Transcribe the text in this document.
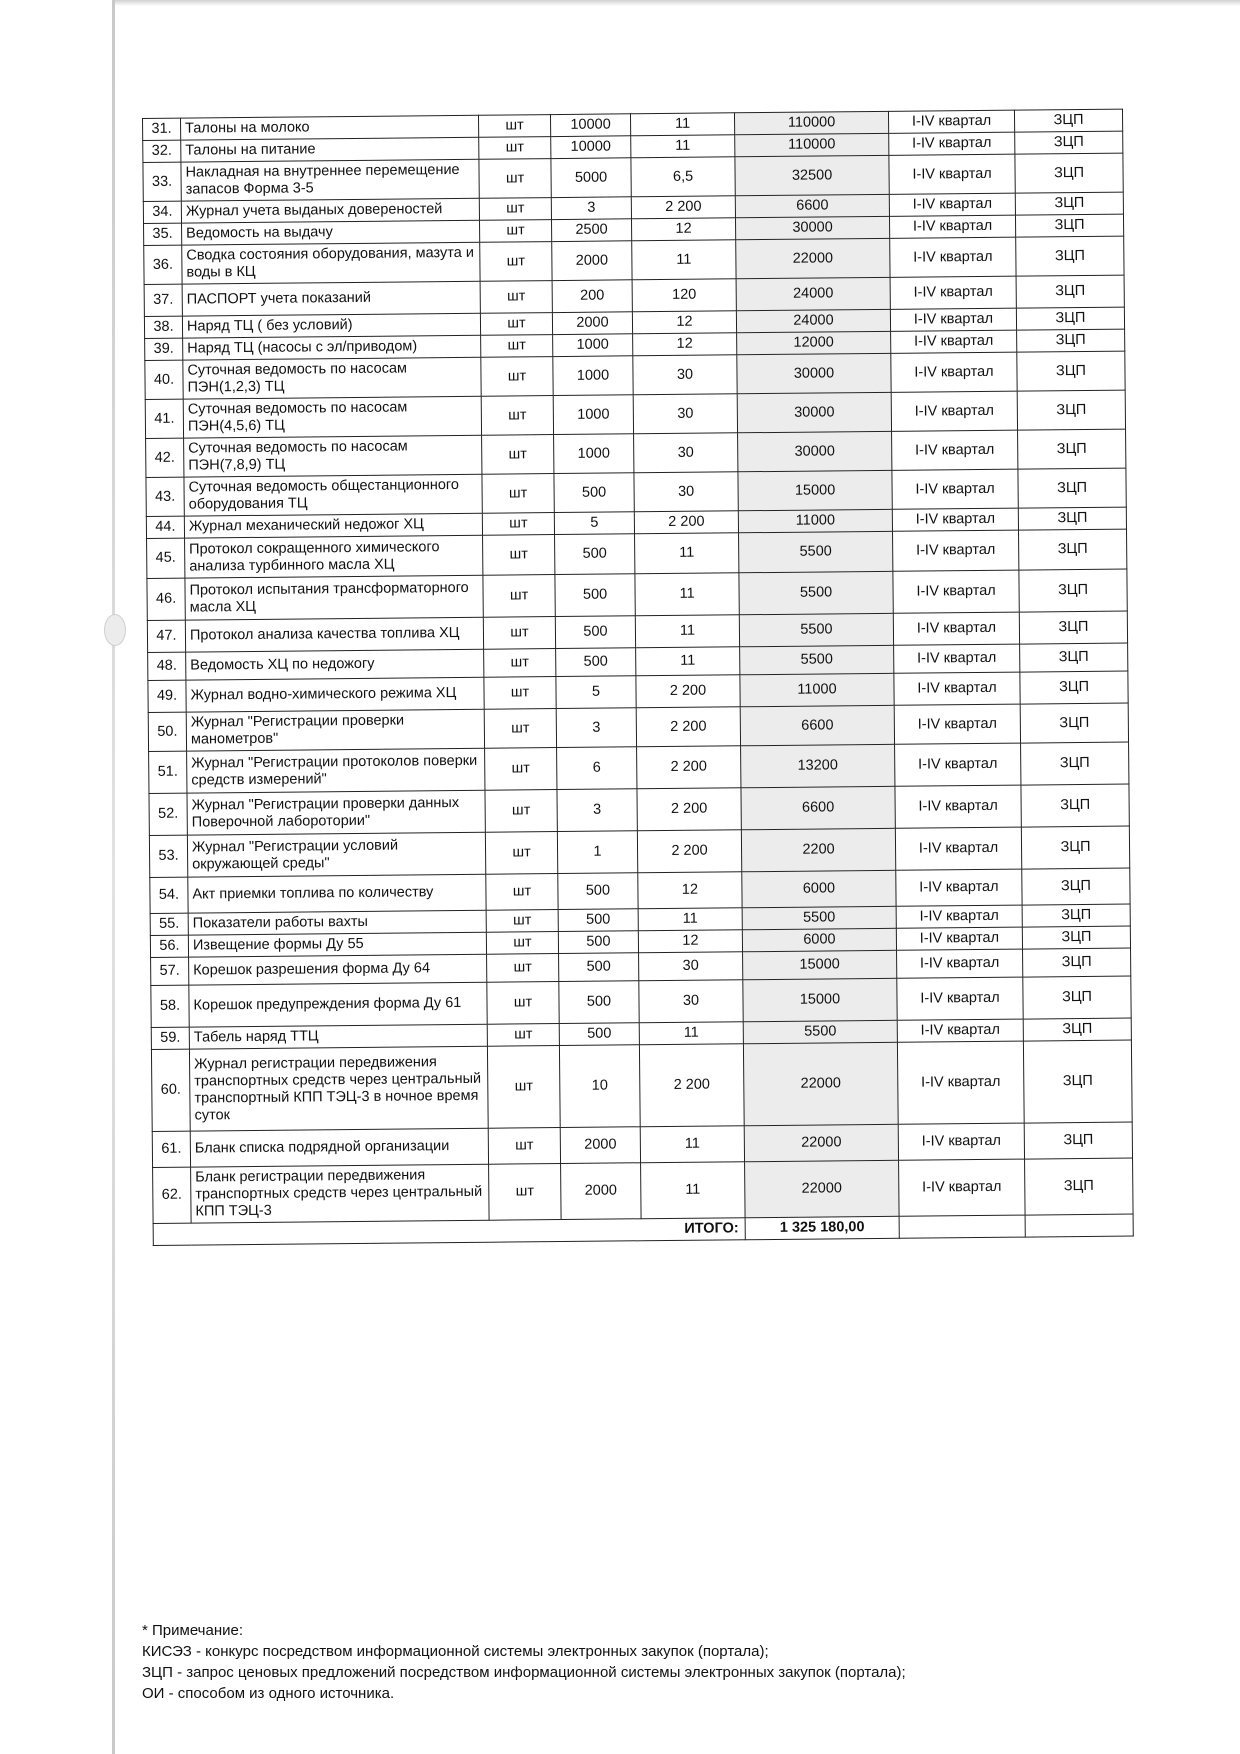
31.	Талоны на молоко	шт	10000	11	110000	I-IV квартал	ЗЦП
32.	Талоны на питание	шт	10000	11	110000	I-IV квартал	ЗЦП
33.	Накладная на внутреннее перемещение запасов Форма 3-5	шт	5000	6,5	32500	I-IV квартал	ЗЦП
34.	Журнал учета выданых довереностей	шт	3	2 200	6600	I-IV квартал	ЗЦП
35.	Ведомость на выдачу	шт	2500	12	30000	I-IV квартал	ЗЦП
36.	Сводка состояния оборудования, мазута и воды в КЦ	шт	2000	11	22000	I-IV квартал	ЗЦП
37.	ПАСПОРТ учета показаний	шт	200	120	24000	I-IV квартал	ЗЦП
38.	Наряд ТЦ ( без условий)	шт	2000	12	24000	I-IV квартал	ЗЦП
39.	Наряд ТЦ (насосы с эл/приводом)	шт	1000	12	12000	I-IV квартал	ЗЦП
40.	Суточная ведомость по насосам ПЭН(1,2,3) ТЦ	шт	1000	30	30000	I-IV квартал	ЗЦП
41.	Суточная ведомость по насосам ПЭН(4,5,6) ТЦ	шт	1000	30	30000	I-IV квартал	ЗЦП
42.	Суточная ведомость по насосам ПЭН(7,8,9) ТЦ	шт	1000	30	30000	I-IV квартал	ЗЦП
43.	Суточная ведомость общестанционного оборудования ТЦ	шт	500	30	15000	I-IV квартал	ЗЦП
44.	Журнал механический недожог ХЦ	шт	5	2 200	11000	I-IV квартал	ЗЦП
45.	Протокол сокращенного химического анализа турбинного масла ХЦ	шт	500	11	5500	I-IV квартал	ЗЦП
46.	Протокол испытания трансформаторного масла ХЦ	шт	500	11	5500	I-IV квартал	ЗЦП
47.	Протокол анализа качества топлива ХЦ	шт	500	11	5500	I-IV квартал	ЗЦП
48.	Ведомость ХЦ по недожогу	шт	500	11	5500	I-IV квартал	ЗЦП
49.	Журнал водно-химического режима ХЦ	шт	5	2 200	11000	I-IV квартал	ЗЦП
50.	Журнал "Регистрации проверки манометров"	шт	3	2 200	6600	I-IV квартал	ЗЦП
51.	Журнал "Регистрации протоколов поверки средств измерений"	шт	6	2 200	13200	I-IV квартал	ЗЦП
52.	Журнал "Регистрации проверки данных Поверочной лаборотории"	шт	3	2 200	6600	I-IV квартал	ЗЦП
53.	Журнал "Регистрации условий окружающей среды"	шт	1	2 200	2200	I-IV квартал	ЗЦП
54.	Акт приемки топлива по количеству	шт	500	12	6000	I-IV квартал	ЗЦП
55.	Показатели работы вахты	шт	500	11	5500	I-IV квартал	ЗЦП
56.	Извещение формы Ду 55	шт	500	12	6000	I-IV квартал	ЗЦП
57.	Корешок разрешения форма Ду 64	шт	500	30	15000	I-IV квартал	ЗЦП
58.	Корешок предупреждения форма Ду 61	шт	500	30	15000	I-IV квартал	ЗЦП
59.	Табель наряд ТТЦ	шт	500	11	5500	I-IV квартал	ЗЦП
60.	Журнал регистрации передвижения транспортных средств через центральный транспортный КПП ТЭЦ-3 в ночное время суток	шт	10	2 200	22000	I-IV квартал	ЗЦП
61.	Бланк списка подрядной организации	шт	2000	11	22000	I-IV квартал	ЗЦП
62.	Бланк регистрации передвижения транспортных средств через центральный КПП ТЭЦ-3	шт	2000	11	22000	I-IV квартал	ЗЦП
ИТОГО:					1 325 180,00		
* Примечание:
КИСЭЗ - конкурс посредством информационной системы электронных закупок (портала);
ЗЦП - запрос ценовых предложений посредством информационной системы электронных закупок (портала);
ОИ - способом из одного источника.
